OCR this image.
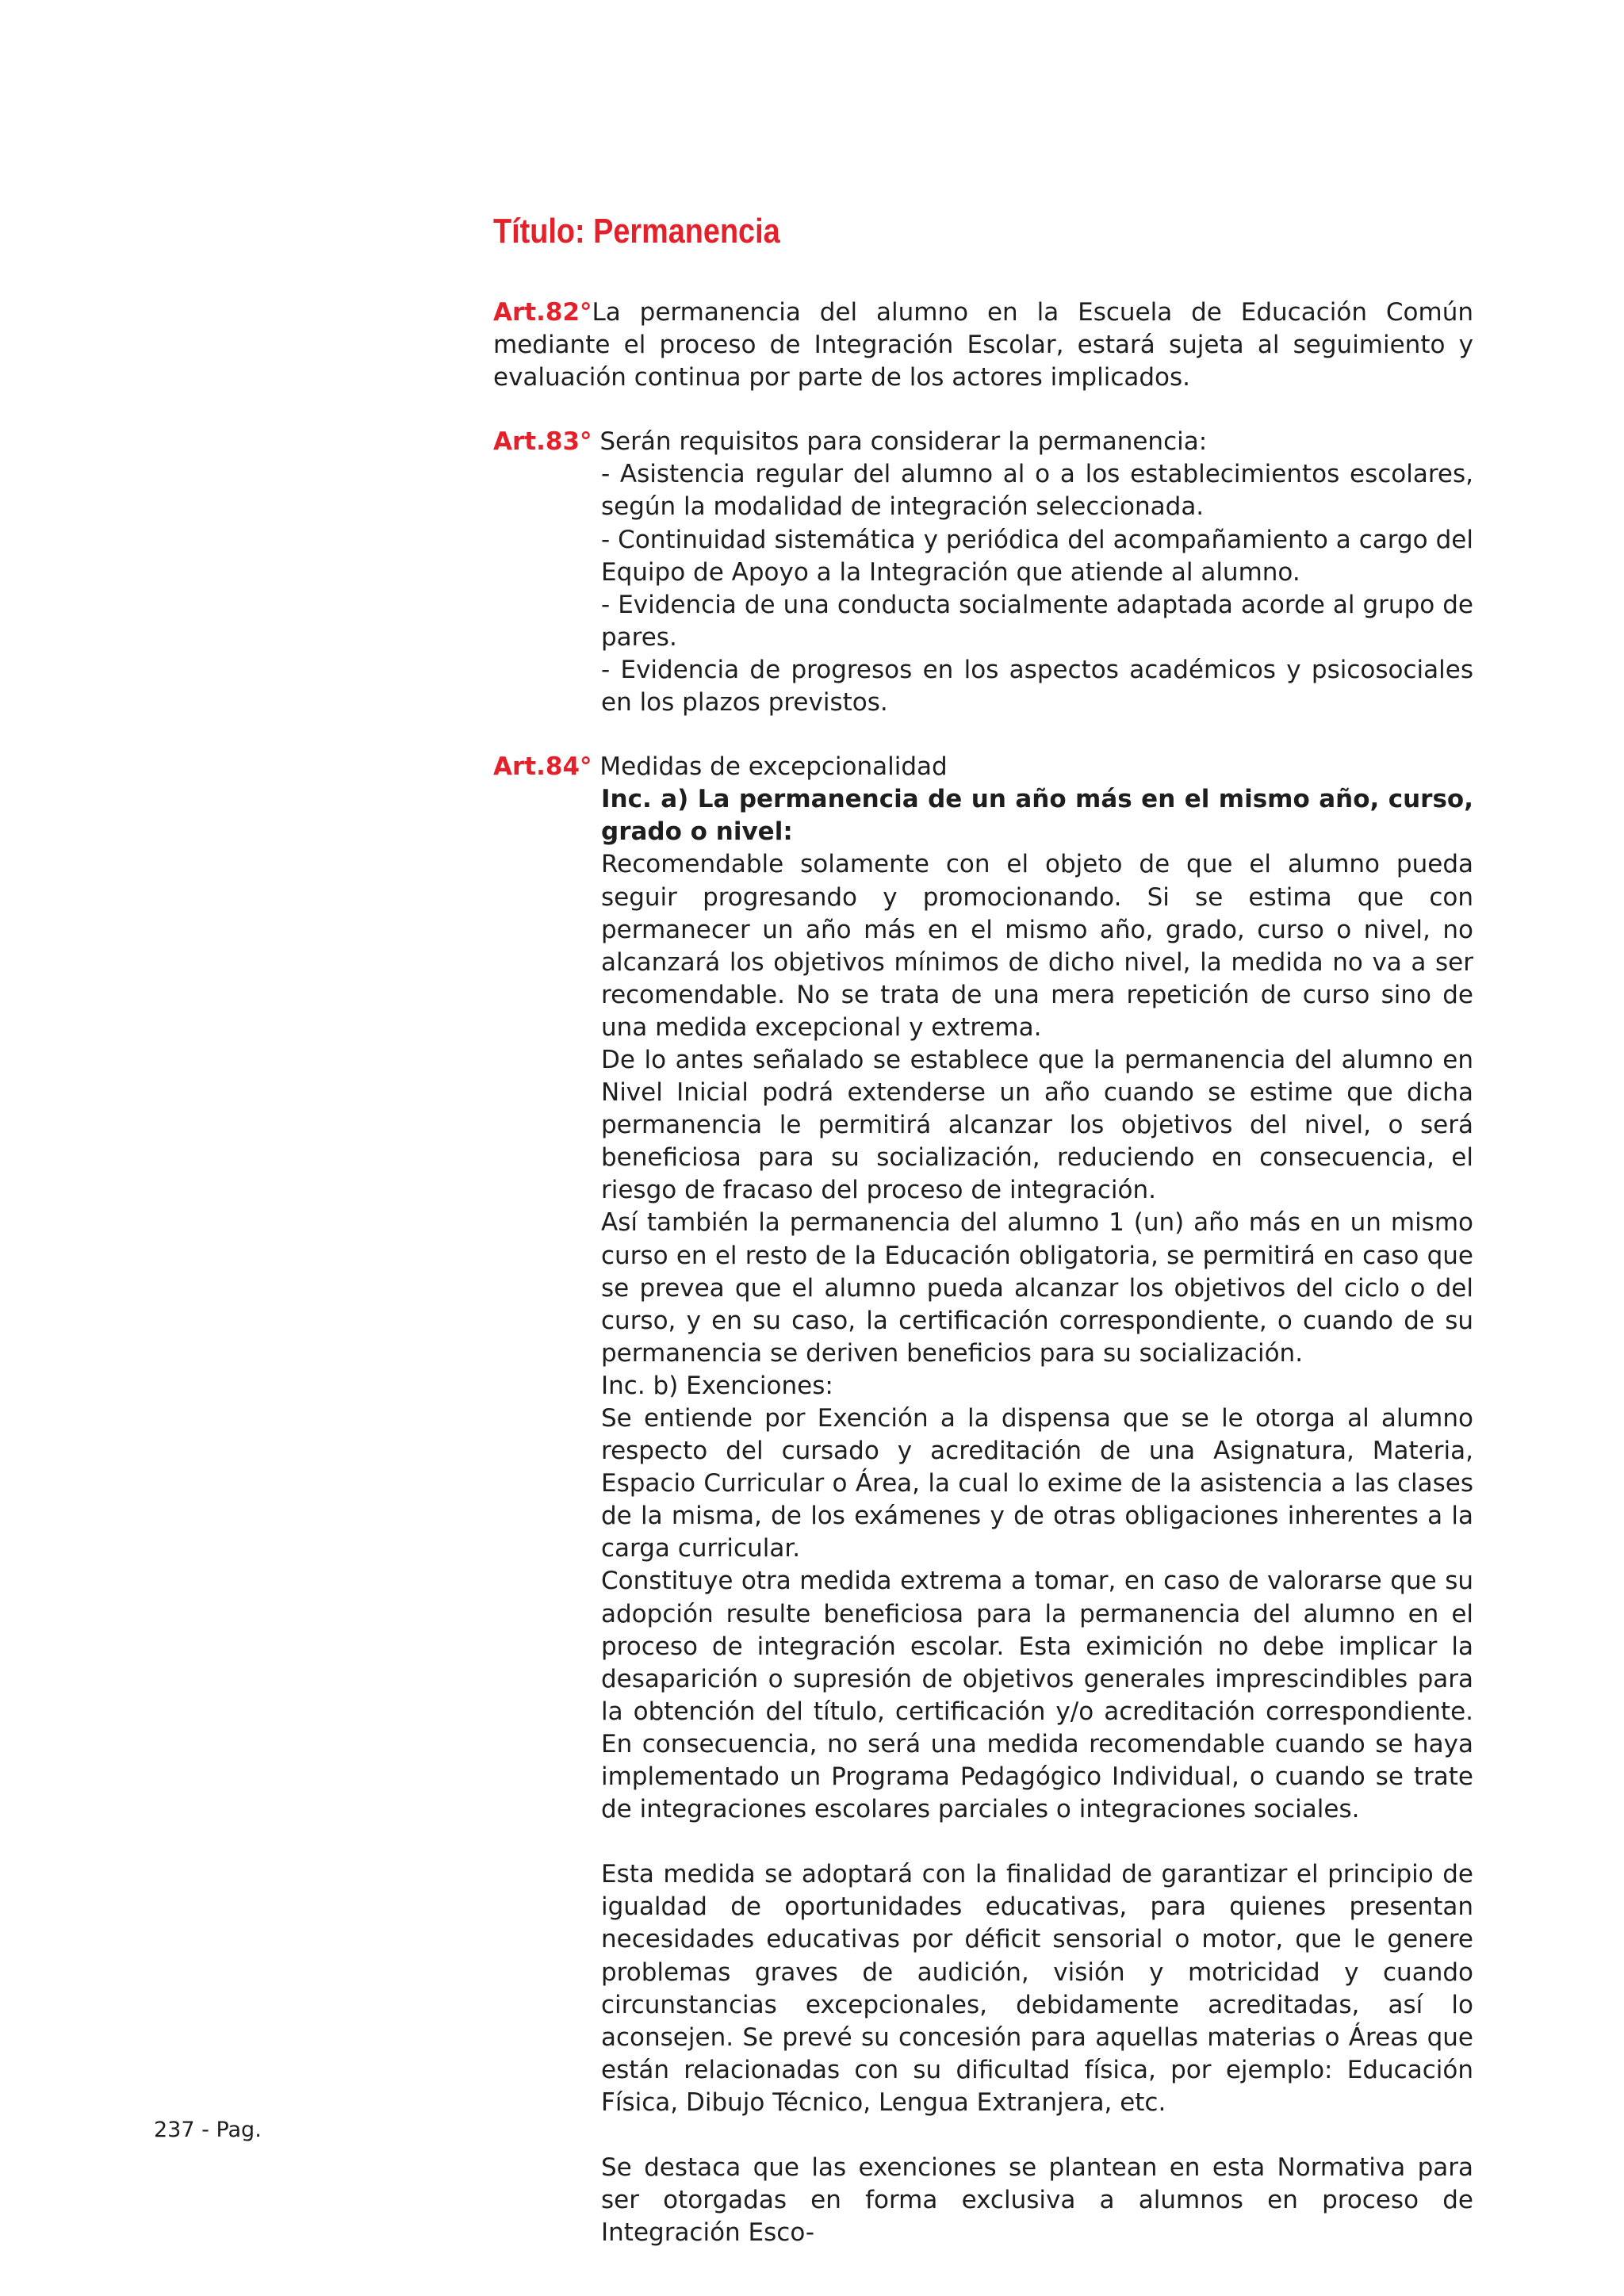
Título: Permanencia

Art.82°La permanencia del alumno en la Escuela de Educación Común mediante el proceso de Integración Escolar, estará sujeta al seguimiento y evaluación continua por parte de los actores implicados.

Art.83° Serán requisitos para considerar la permanencia:

- Asistencia regular del alumno al o a los establecimientos escolares, según la modalidad de integración seleccionada.

- Continuidad sistemática y periódica del acompañamiento a cargo del Equipo de Apoyo a la Integración que atiende al alumno.

- Evidencia de una conducta socialmente adaptada acorde al grupo de pares.

- Evidencia de progresos en los aspectos académicos y psicosociales en los plazos previstos.

Art.84° Medidas de excepcionalidad

Inc. a) La permanencia de un año más en el mismo año, curso, grado o nivel:

Recomendable solamente con el objeto de que el alumno pueda seguir progresando y promocionando. Si se estima que con permanecer un año más en el mismo año, grado, curso o nivel, no alcanzará los objetivos mínimos de dicho nivel, la medida no va a ser recomendable. No se trata de una mera repetición de curso sino de una medida excepcional y extrema.

De lo antes señalado se establece que la permanencia del alumno en Nivel Inicial podrá extenderse un año cuando se estime que dicha permanencia le permitirá alcanzar los objetivos del nivel, o será beneficiosa para su socialización, reduciendo en consecuencia, el riesgo de fracaso del proceso de integración.

Así también la permanencia del alumno 1 (un) año más en un mismo curso en el resto de la Educación obligatoria, se permitirá en caso que se prevea que el alumno pueda alcanzar los objetivos del ciclo o del curso, y en su caso, la certificación correspondiente, o cuando de su permanencia se deriven beneficios para su socialización.

Inc. b) Exenciones:

Se entiende por Exención a la dispensa que se le otorga al alumno respecto del cursado y acreditación de una Asignatura, Materia, Espacio Curricular o Área, la cual lo exime de la asistencia a las clases de la misma, de los exámenes y de otras obligaciones inherentes a la carga curricular.

Constituye otra medida extrema a tomar, en caso de valorarse que su adopción resulte beneficiosa para la permanencia del alumno en el proceso de integración escolar. Esta eximición no debe implicar la desaparición o supresión de objetivos generales imprescindibles para la obtención del título, certificación y/o acreditación correspondiente. En consecuencia, no será una medida recomendable cuando se haya implementado un Programa Pedagógico Individual, o cuando se trate de integraciones escolares parciales o integraciones sociales.

Esta medida se adoptará con la finalidad de garantizar el principio de igualdad de oportunidades educativas, para quienes presentan necesidades educativas por déficit sensorial o motor, que le genere problemas graves de audición, visión y motricidad y cuando circunstancias excepcionales, debidamente acreditadas, así lo aconsejen. Se prevé su concesión para aquellas materias o Áreas que están relacionadas con su dificultad física, por ejemplo: Educación Física, Dibujo Técnico, Lengua Extranjera, etc.

Se destaca que las exenciones se plantean en esta Normativa para ser otorgadas en forma exclusiva a alumnos en proceso de Integración Esco-

237 - Pag.
